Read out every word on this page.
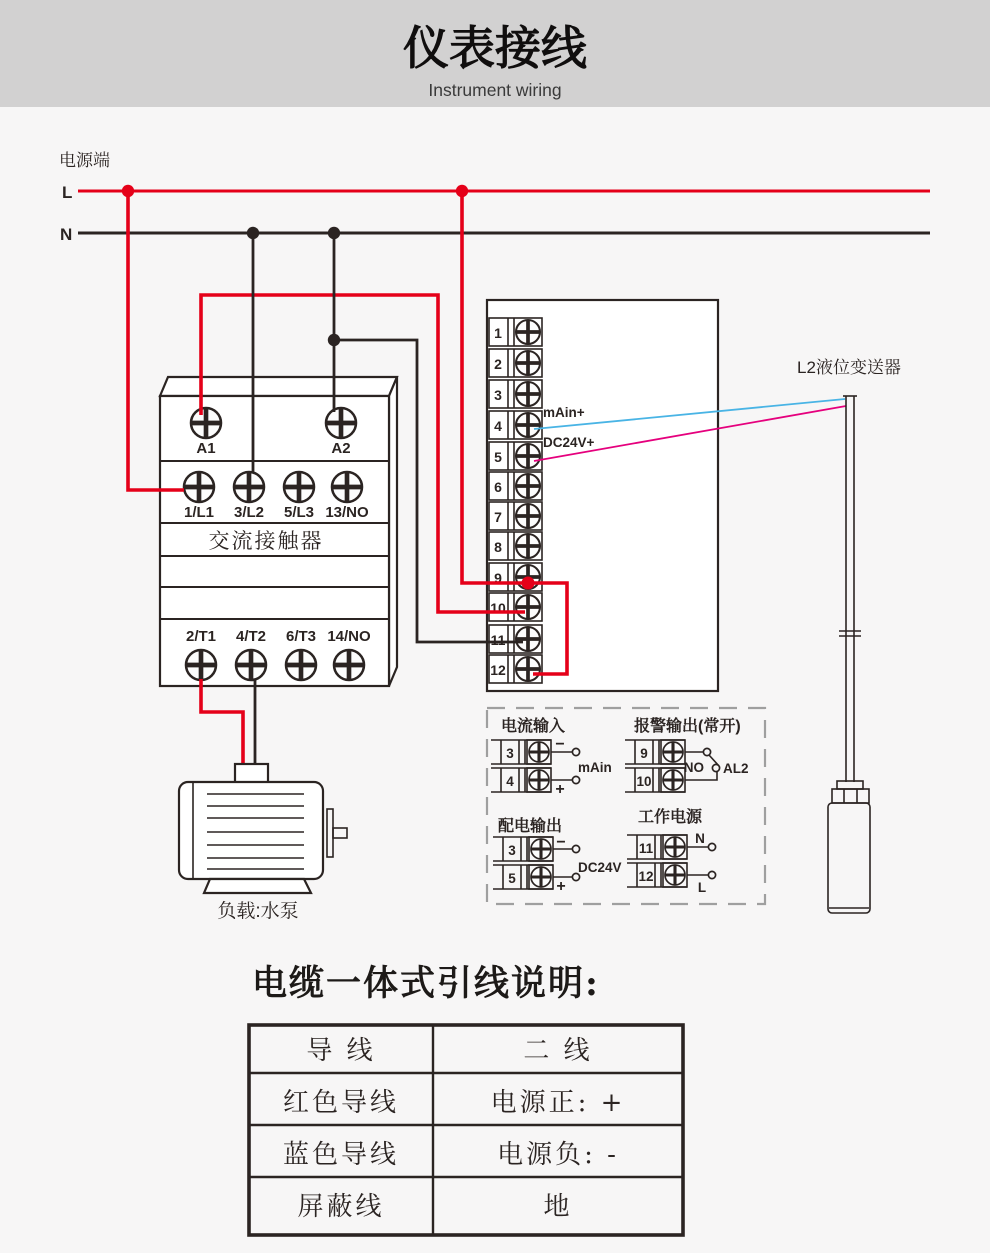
仪表接线
Instrument wiring
电源端
L
N
A1	A2
1/L1 3/L2 5/L3 13/NO
交流接触器
2/T1 4/T2 6/T3 14/NO
1
2
3
4
5
6
7
8
9
10
11
12
mAin+
DC24V+
L2液位变送器
负载:水泵
电流输入
3
4
−
+
mAin
报警输出(常开)
9
10
NO AL2
配电输出
3
5
−
+
DC24V
工作电源
11
12
N
L
电缆一体式引线说明:
导 线	二 线
红色导线	电源正: +
蓝色导线	电源负: -
屏蔽线	地
